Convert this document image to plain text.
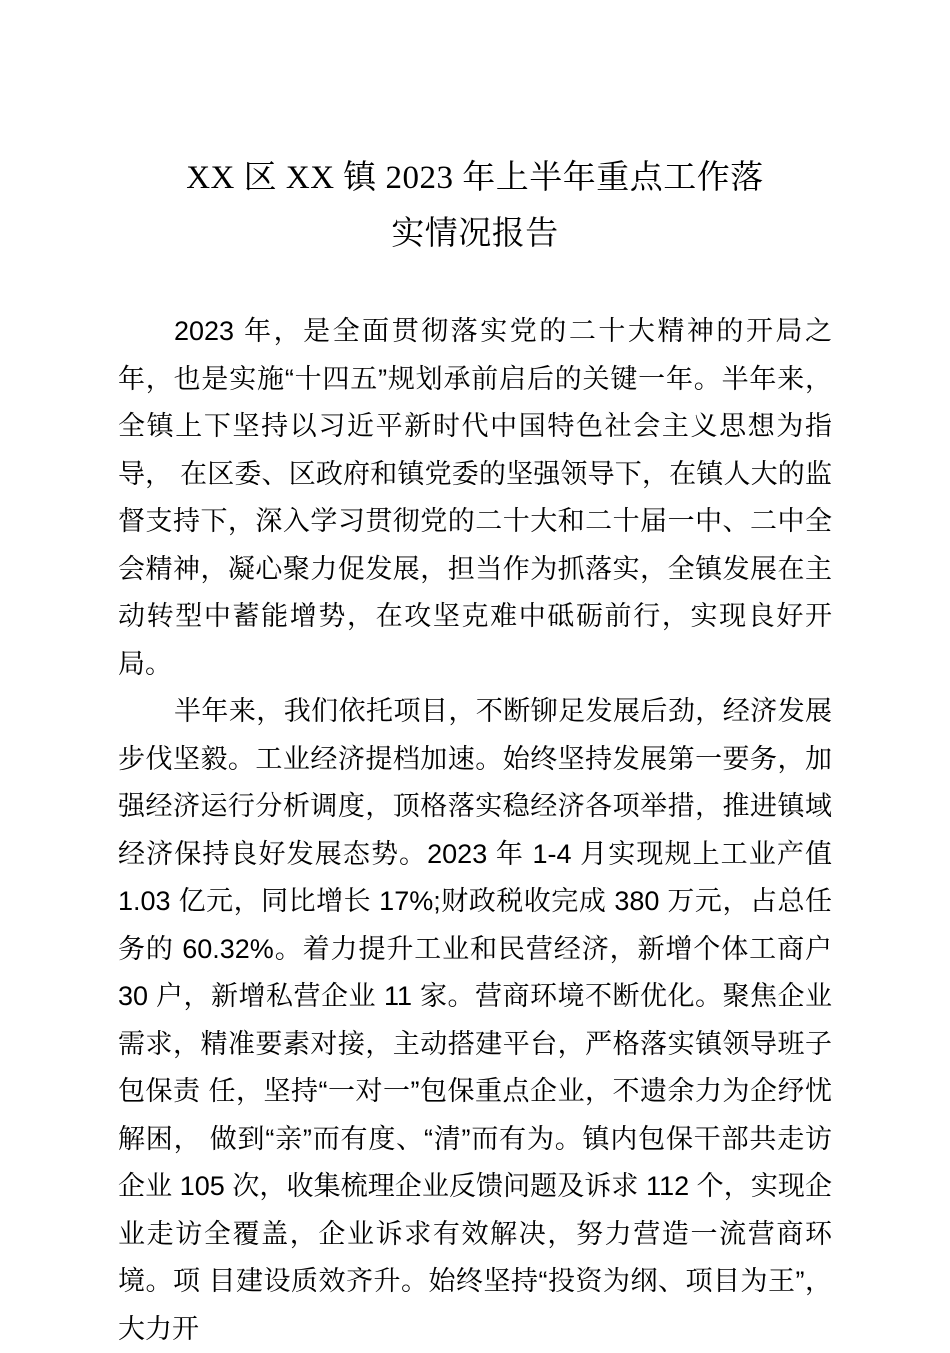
XX 区 XX 镇 2023 年上半年重点工作落
实情况报告

2023 年，是全面贯彻落实党的二十大精神的开局之年，也是实施“十四五”规划承前启后的关键一年。半年来，全镇上下坚持以习近平新时代中国特色社会主义思想为指导， 在区委、区政府和镇党委的坚强领导下，在镇人大的监督支持下，深入学习贯彻党的二十大和二十届一中、二中全会精神，凝心聚力促发展，担当作为抓落实，全镇发展在主动转型中蓄能增势，在攻坚克难中砥砺前行，实现良好开局。

半年来，我们依托项目，不断铆足发展后劲，经济发展步伐坚毅。工业经济提档加速。始终坚持发展第一要务，加强经济运行分析调度，顶格落实稳经济各项举措，推进镇域经济保持良好发展态势。2023 年 1‑4 月实现规上工业产值 1.03 亿元，同比增长 17%;财政税收完成 380 万元，占总任务的 60.32%。着力提升工业和民营经济，新增个体工商户 30 户，新增私营企业 11 家。营商环境不断优化。聚焦企业需求，精准要素对接，主动搭建平台，严格落实镇领导班子包保责 任，坚持“一对一”包保重点企业，不遗余力为企纾忧解困， 做到“亲”而有度、“清”而有为。镇内包保干部共走访企业 105 次，收集梳理企业反馈问题及诉求 112 个，实现企业走访全覆盖，企业诉求有效解决，努力营造一流营商环境。项 目建设质效齐升。始终坚持“投资为纲、项目为王”，大力开
